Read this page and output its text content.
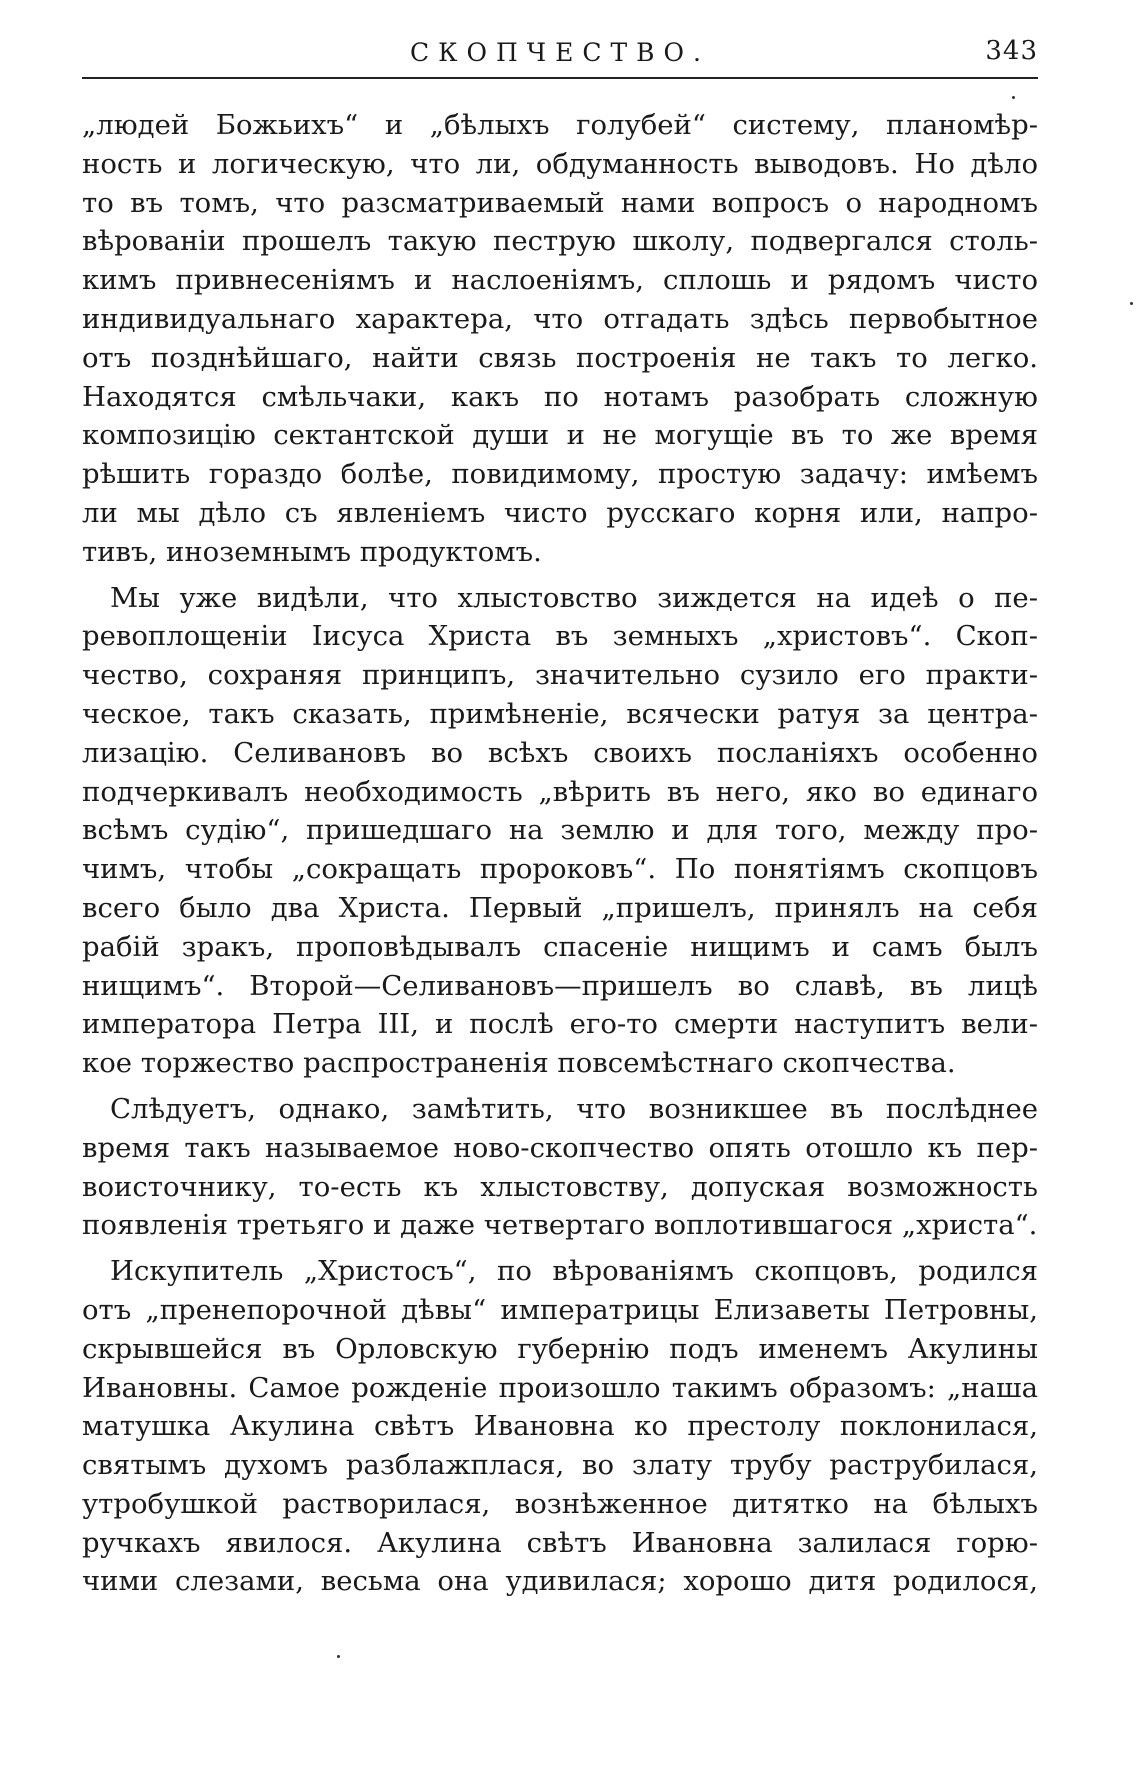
СКОПЧЕСТВО.	343
„людей Божьихъ“ и „бѣлыхъ голубей“ систему, планомѣр-
ность и логическую, что ли, обдуманность выводовъ. Но дѣло
то въ томъ, что разсматриваемый нами вопросъ о народномъ
вѣрованіи прошелъ такую пеструю школу, подвергался столь-
кимъ привнесеніямъ и наслоеніямъ, сплошь и рядомъ чисто
индивидуальнаго характера, что отгадать здѣсь первобытное
отъ позднѣйшаго, найти связь построенія не такъ то легко.
Находятся смѣльчаки, какъ по нотамъ разобрать сложную
композицію сектантской души и не могущіе въ то же время
рѣшить гораздо болѣе, повидимому, простую задачу: имѣемъ
ли мы дѣло съ явленіемъ чисто русскаго корня или, напро-
тивъ, иноземнымъ продуктомъ.
Мы уже видѣли, что хлыстовство зиждется на идеѣ о пе-
ревоплощеніи Іисуса Христа въ земныхъ „христовъ“. Скоп-
чество, сохраняя принципъ, значительно сузило его практи-
ческое, такъ сказать, примѣненіе, всячески ратуя за центра-
лизацію. Селивановъ во всѣхъ своихъ посланіяхъ особенно
подчеркивалъ необходимость „вѣрить въ него, яко во единаго
всѣмъ судію“, пришедшаго на землю и для того, между про-
чимъ, чтобы „сокращать пророковъ“. По понятіямъ скопцовъ
всего было два Христа. Первый „пришелъ, принялъ на себя
рабій зракъ, проповѣдывалъ спасеніе нищимъ и самъ былъ
нищимъ“. Второй—Селивановъ—пришелъ во славѣ, въ лицѣ
императора Петра III, и послѣ его-то смерти наступитъ вели-
кое торжество распространенія повсемѣстнаго скопчества.
Слѣдуетъ, однако, замѣтить, что возникшее въ послѣднее
время такъ называемое ново-скопчество опять отошло къ пер-
воисточнику, то-есть къ хлыстовству, допуская возможность
появленія третьяго и даже четвертаго воплотившагося „христа“.
Искупитель „Христосъ“, по вѣрованіямъ скопцовъ, родился
отъ „пренепорочной дѣвы“ императрицы Елизаветы Петровны,
скрывшейся въ Орловскую губернію подъ именемъ Акулины
Ивановны. Самое рожденіе произошло такимъ образомъ: „наша
матушка Акулина свѣтъ Ивановна ко престолу поклонилася,
святымъ духомъ разблажплася, во злату трубу раструбилася,
утробушкой растворилася, вознѣженное дитятко на бѣлыхъ
ручкахъ явилося. Акулина свѣтъ Ивановна залилася горю-
чими слезами, весьма она удивилася; хорошо дитя родилося,
